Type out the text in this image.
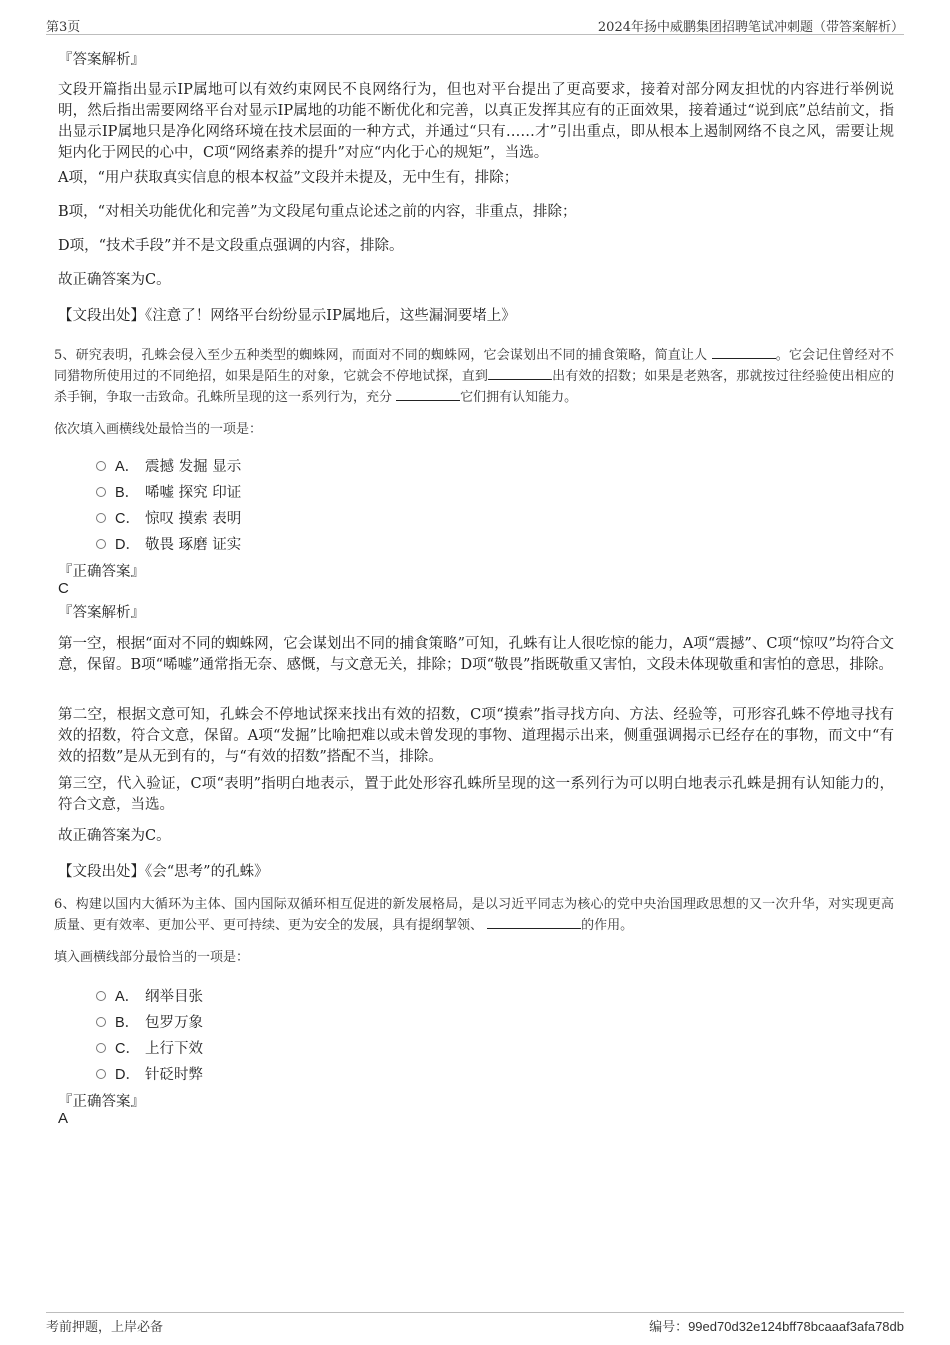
第3页	2024年扬中威鹏集团招聘笔试冲刺题（带答案解析）
『答案解析』
文段开篇指出显示IP属地可以有效约束网民不良网络行为，但也对平台提出了更高要求，接着对部分网友担忧的内容进行举例说明，然后指出需要网络平台对显示IP属地的功能不断优化和完善，以真正发挥其应有的正面效果，接着通过“说到底”总结前文，指出显示IP属地只是净化网络环境在技术层面的一种方式，并通过“只有……才”引出重点，即从根本上遏制网络不良之风，需要让规矩内化于网民的心中，C项“网络素养的提升”对应“内化于心的规矩”，当选。
A项，“用户获取真实信息的根本权益”文段并未提及，无中生有，排除；
B项，“对相关功能优化和完善”为文段尾句重点论述之前的内容，非重点，排除；
D项，“技术手段”并不是文段重点强调的内容，排除。
故正确答案为C。
【文段出处】《注意了！网络平台纷纷显示IP属地后，这些漏洞要堵上》
5、研究表明，孔蛛会侵入至少五种类型的蜘蛛网，而面对不同的蜘蛛网，它会谋划出不同的捕食策略，简直让人	。它会记住曾经对不同猎物所使用过的不同绝招，如果是陌生的对象，它就会不停地试探，直到	出有效的招数；如果是老熟客，那就按过往经验使出相应的杀手锏，争取一击致命。孔蛛所呈现的这一系列行为，充分	它们拥有认知能力。
依次填入画横线处最恰当的一项是：
A． 震撼 发掘 显示
B． 唏嘘 探究 印证
C． 惊叹 摸索 表明
D． 敬畏 琢磨 证实
『正确答案』
C
『答案解析』
第一空，根据“面对不同的蜘蛛网，它会谋划出不同的捕食策略”可知，孔蛛有让人很吃惊的能力，A项“震撼”、C项“惊叹”均符合文意，保留。B项“唏嘘”通常指无奈、感慨，与文意无关，排除；D项“敬畏”指既敬重又害怕，文段未体现敬重和害怕的意思，排除。
第二空，根据文意可知，孔蛛会不停地试探来找出有效的招数，C项“摸索”指寻找方向、方法、经验等，可形容孔蛛不停地寻找有效的招数，符合文意，保留。A项“发掘”比喻把难以或未曾发现的事物、道理揭示出来，侧重强调揭示已经存在的事物，而文中“有效的招数”是从无到有的，与“有效的招数”搭配不当，排除。
第三空，代入验证，C项“表明”指明白地表示，置于此处形容孔蛛所呈现的这一系列行为可以明白地表示孔蛛是拥有认知能力的，符合文意，当选。
故正确答案为C。
【文段出处】《会“思考”的孔蛛》
6、构建以国内大循环为主体、国内国际双循环相互促进的新发展格局，是以习近平同志为核心的党中央治国理政思想的又一次升华，对实现更高质量、更有效率、更加公平、更可持续、更为安全的发展，具有提纲挈领、	的作用。
填入画横线部分最恰当的一项是：
A． 纲举目张
B． 包罗万象
C． 上行下效
D． 针砭时弊
『正确答案』
A
考前押题，上岸必备	编号：99ed70d32e124bff78bcaaaf3afa78db
